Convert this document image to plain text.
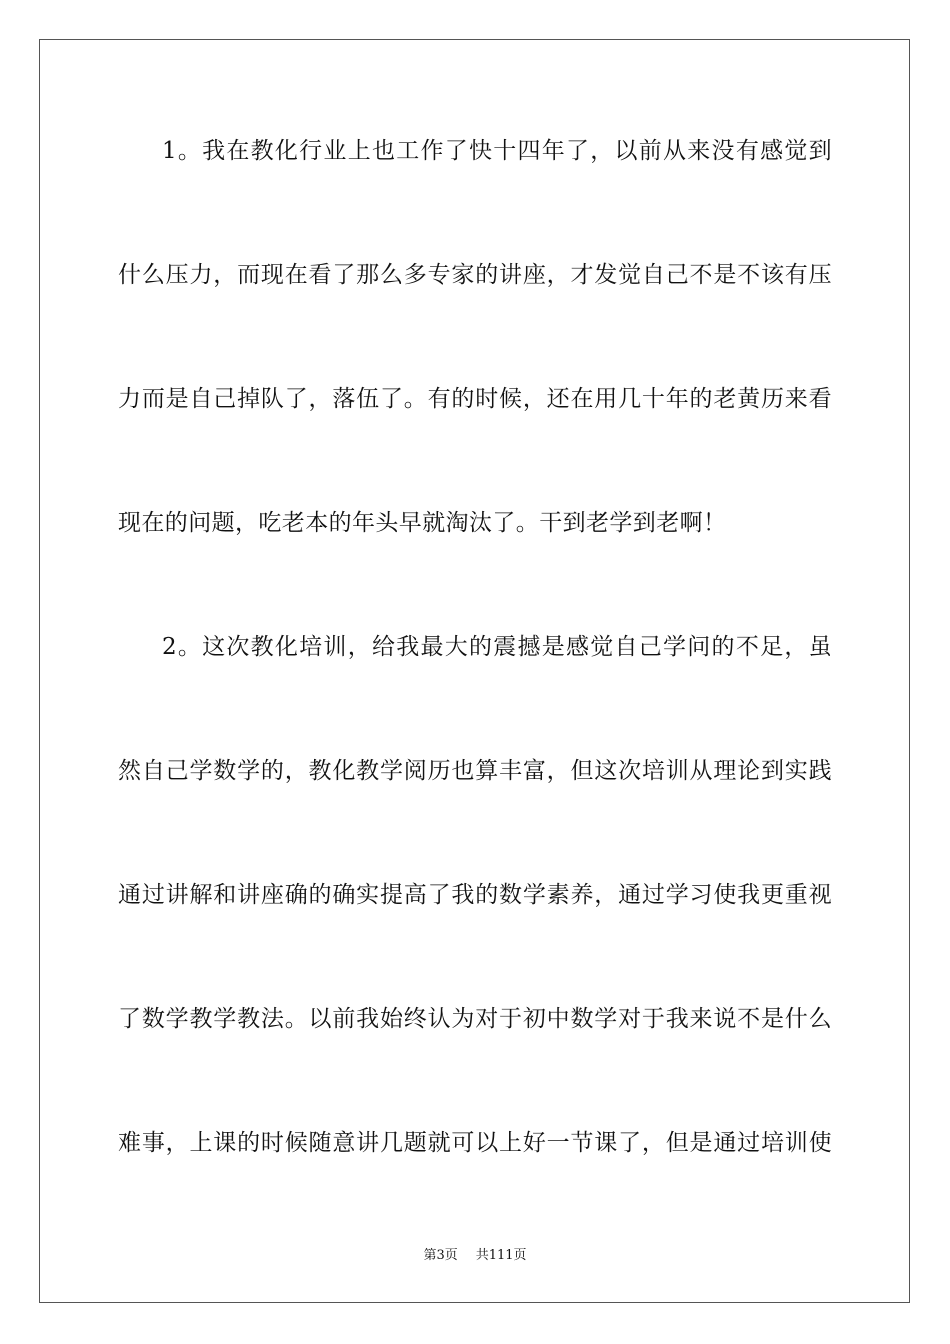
1。我在教化行业上也工作了快十四年了，以前从来没有感觉到
什么压力，而现在看了那么多专家的讲座，才发觉自己不是不该有压
力而是自己掉队了，落伍了。有的时候，还在用几十年的老黄历来看
现在的问题，吃老本的年头早就淘汰了。干到老学到老啊！
2。这次教化培训，给我最大的震撼是感觉自己学问的不足，虽
然自己学数学的，教化教学阅历也算丰富，但这次培训从理论到实践
通过讲解和讲座确的确实提高了我的数学素养，通过学习使我更重视
了数学教学教法。以前我始终认为对于初中数学对于我来说不是什么
难事，上课的时候随意讲几题就可以上好一节课了，但是通过培训使
第3页 共111页
